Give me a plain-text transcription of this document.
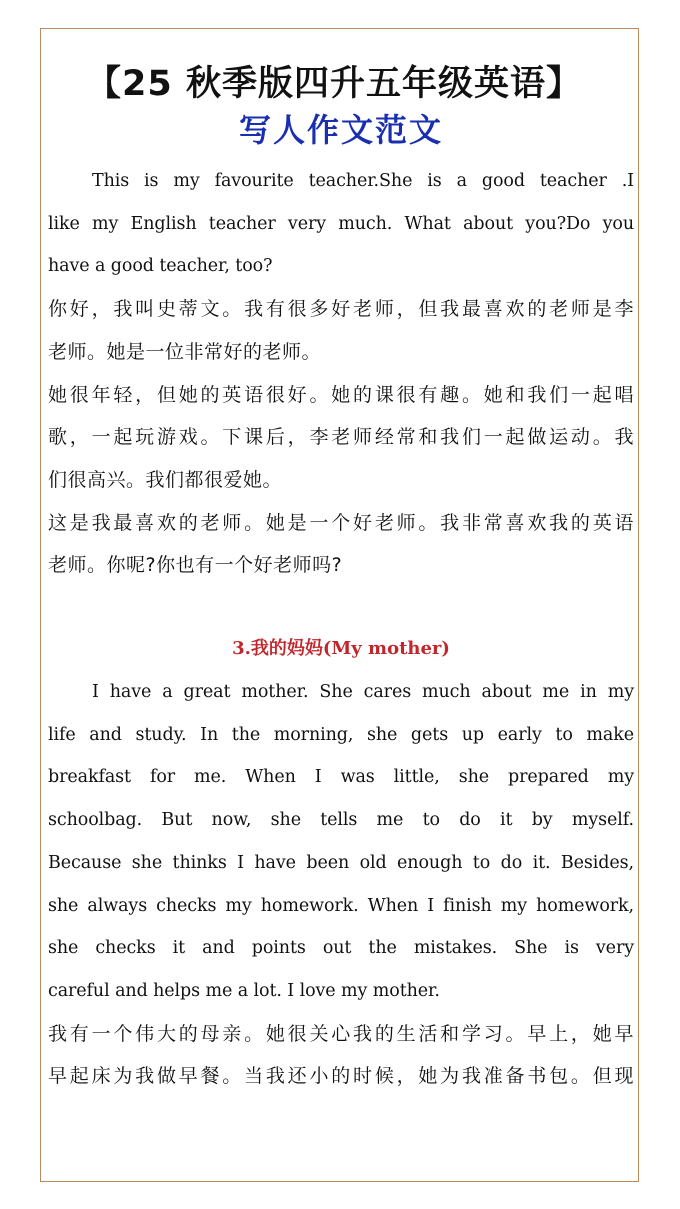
【25 秋季版四升五年级英语】
写人作文范文
This is my favourite teacher.She is a good teacher .I
like my English teacher very much. What about you?Do you
have a good teacher, too?
你好，我叫史蒂文。我有很多好老师，但我最喜欢的老师是李
老师。她是一位非常好的老师。
她很年轻，但她的英语很好。她的课很有趣。她和我们一起唱
歌，一起玩游戏。下课后，李老师经常和我们一起做运动。我
们很高兴。我们都很爱她。
这是我最喜欢的老师。她是一个好老师。我非常喜欢我的英语
老师。你呢?你也有一个好老师吗?
3.我的妈妈(My mother)
I have a great mother. She cares much about me in my
life and study. In the morning, she gets up early to make
breakfast for me. When I was little, she prepared my
schoolbag. But now, she tells me to do it by myself.
Because she thinks I have been old enough to do it. Besides,
she always checks my homework. When I finish my homework,
she checks it and points out the mistakes. She is very
careful and helps me a lot. I love my mother.
我有一个伟大的母亲。她很关心我的生活和学习。早上，她早
早起床为我做早餐。当我还小的时候，她为我准备书包。但现
